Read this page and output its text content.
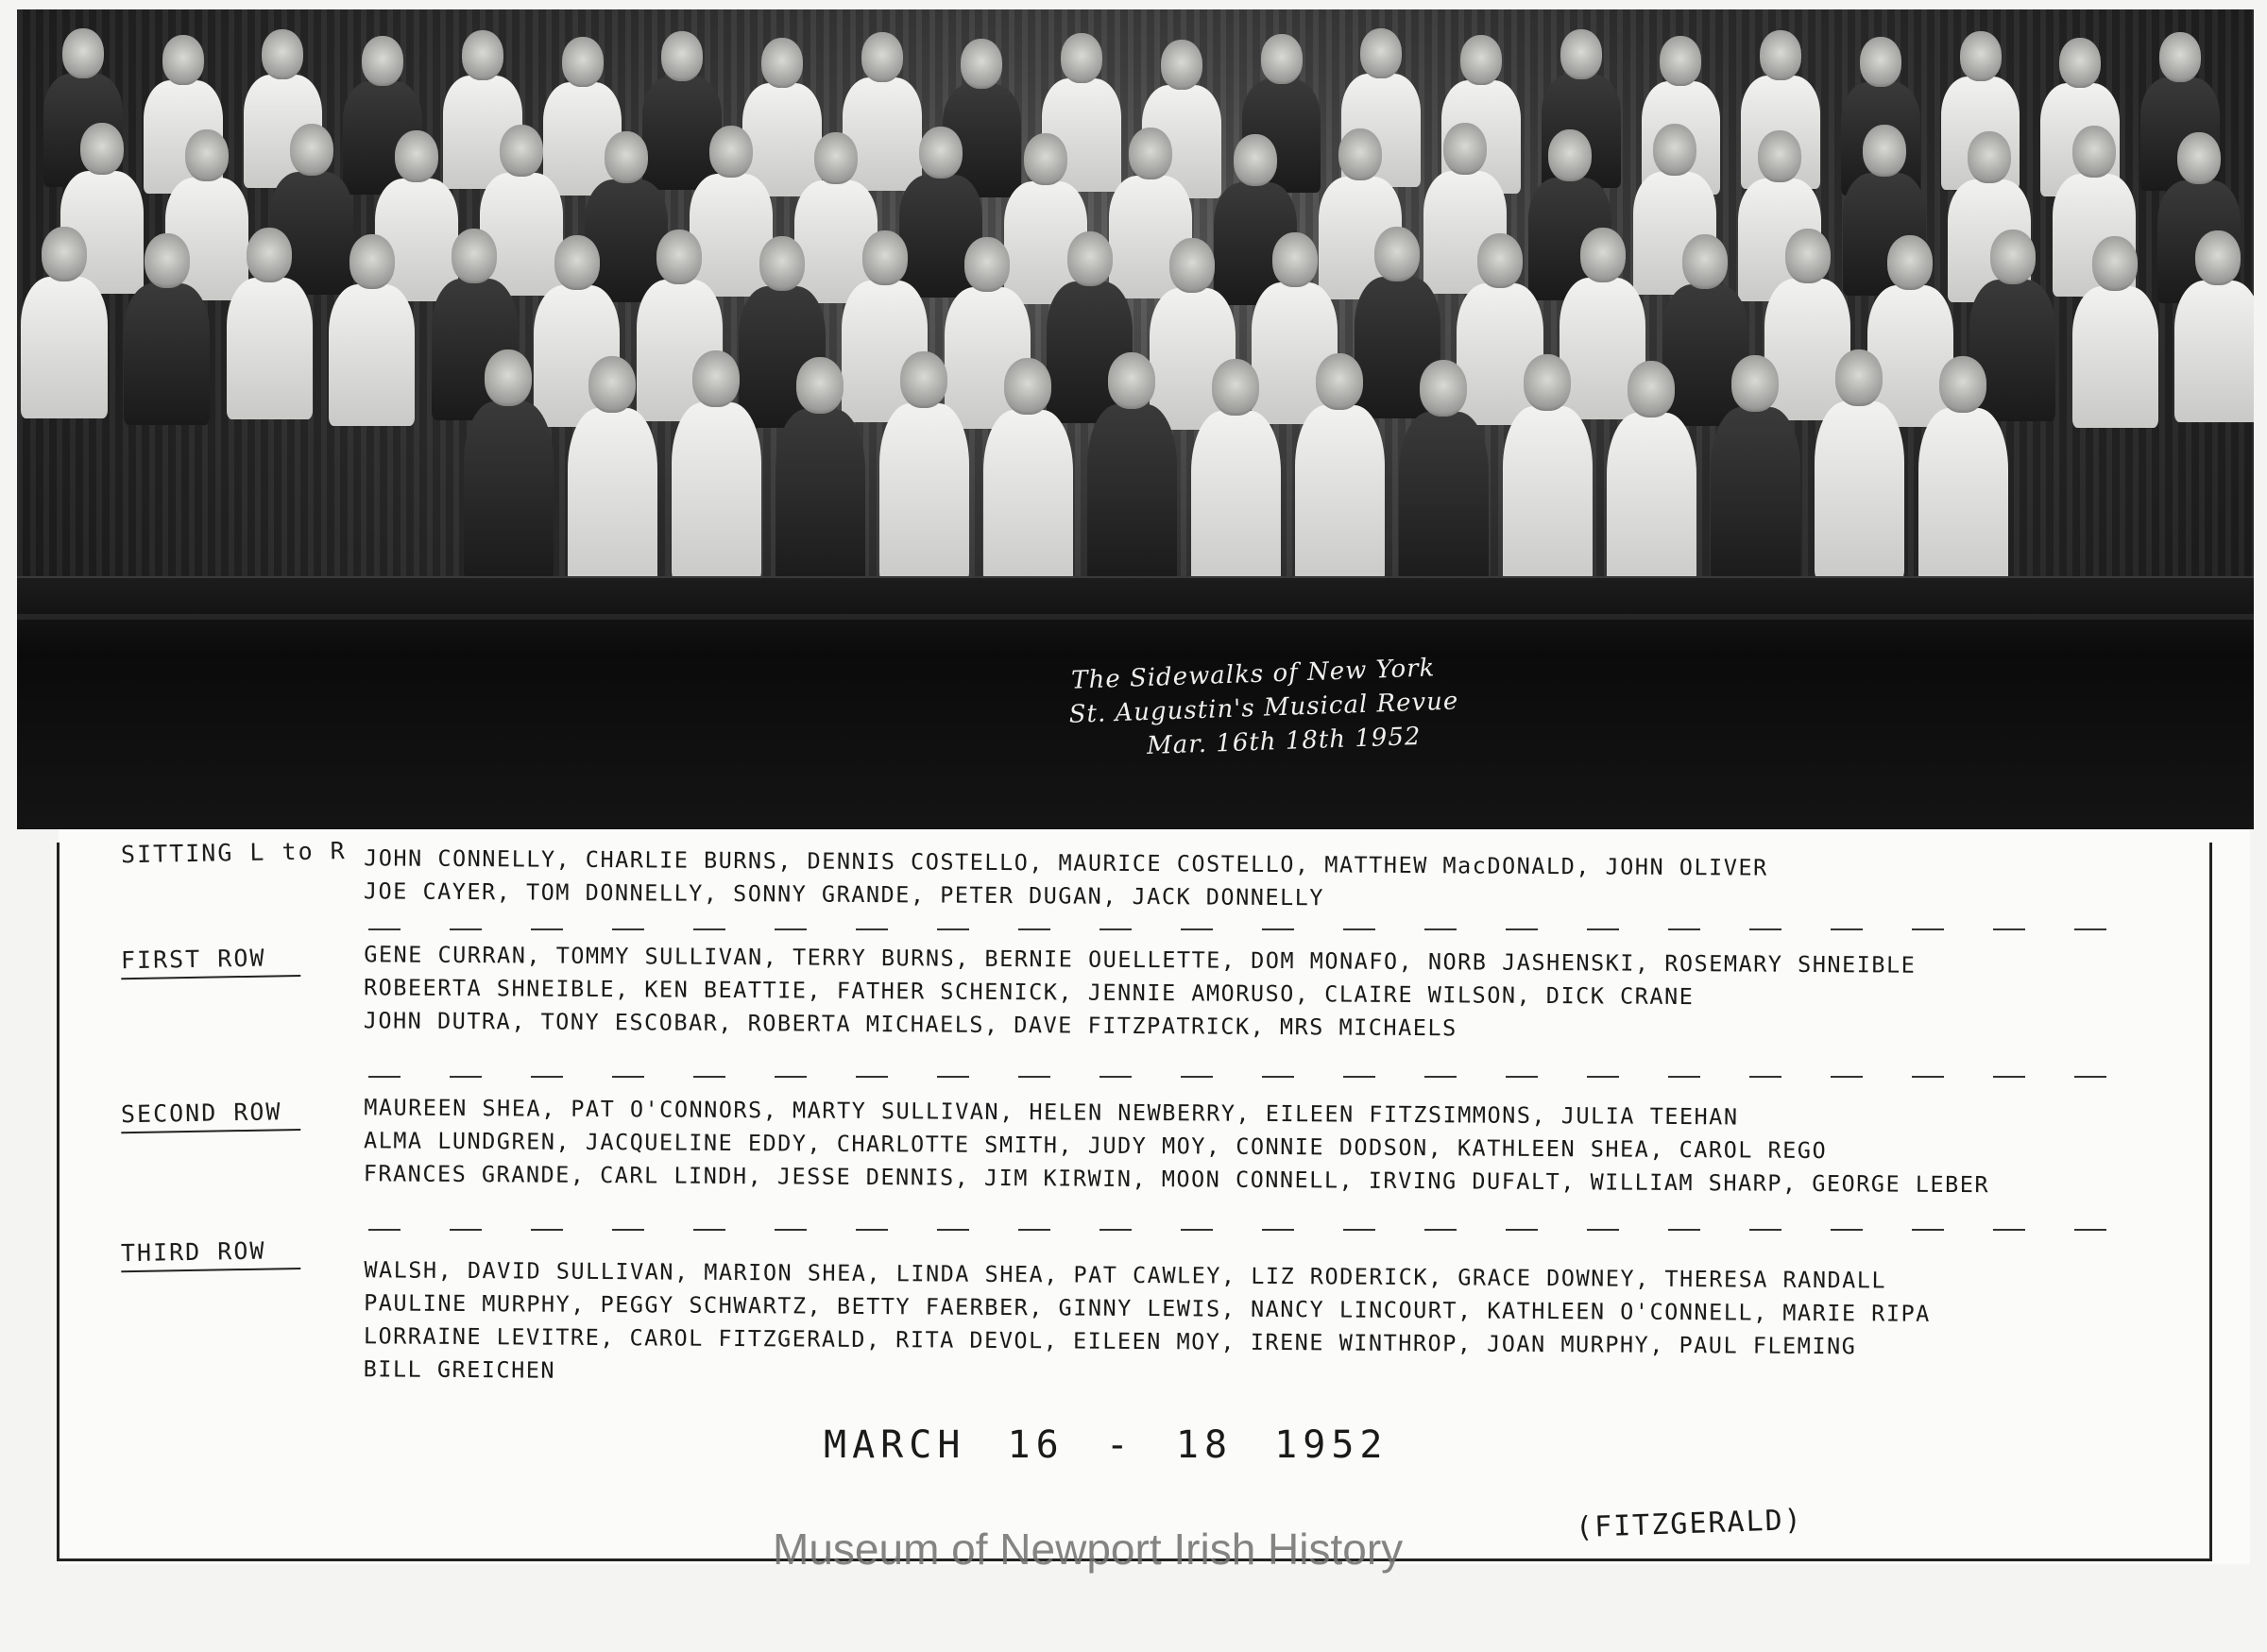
The Sidewalks of New York
St. Augustin's Musical Revue
Mar. 16th 18th 1952
SITTING L to R JOHN CONNELLY, CHARLIE BURNS, DENNIS COSTELLO, MAURICE COSTELLO, MATTHEW MacDONALD, JOHN OLIVER
JOE CAYER, TOM DONNELLY, SONNY GRANDE, PETER DUGAN, JACK DONNELLY
FIRST ROW	GENE CURRAN, TOMMY SULLIVAN, TERRY BURNS, BERNIE OUELLETTE, DOM MONAFO, NORB JASHENSKI, ROSEMARY SHNEIBLE
ROBEERTA SHNEIBLE, KEN BEATTIE, FATHER SCHENICK, JENNIE AMORUSO, CLAIRE WILSON, DICK CRANE
JOHN DUTRA, TONY ESCOBAR, ROBERTA MICHAELS, DAVE FITZPATRICK, MRS MICHAELS
SECOND ROW	MAUREEN SHEA, PAT O'CONNORS, MARTY SULLIVAN, HELEN NEWBERRY, EILEEN FITZSIMMONS, JULIA TEEHAN
ALMA LUNDGREN, JACQUELINE EDDY, CHARLOTTE SMITH, JUDY MOY, CONNIE DODSON, KATHLEEN SHEA, CAROL REGO
FRANCES GRANDE, CARL LINDH, JESSE DENNIS, JIM KIRWIN, MOON CONNELL, IRVING DUFALT, WILLIAM SHARP, GEORGE LEBER
THIRD ROW
WALSH, DAVID SULLIVAN, MARION SHEA, LINDA SHEA, PAT CAWLEY, LIZ RODERICK, GRACE DOWNEY, THERESA RANDALL
PAULINE MURPHY, PEGGY SCHWARTZ, BETTY FAERBER, GINNY LEWIS, NANCY LINCOURT, KATHLEEN O'CONNELL, MARIE RIPA
LORRAINE LEVITRE, CAROL FITZGERALD, RITA DEVOL, EILEEN MOY, IRENE WINTHROP, JOAN MURPHY, PAUL FLEMING
BILL GREICHEN
MARCH 16 - 18 1952
Museum of Newport Irish History
(FITZGERALD)
